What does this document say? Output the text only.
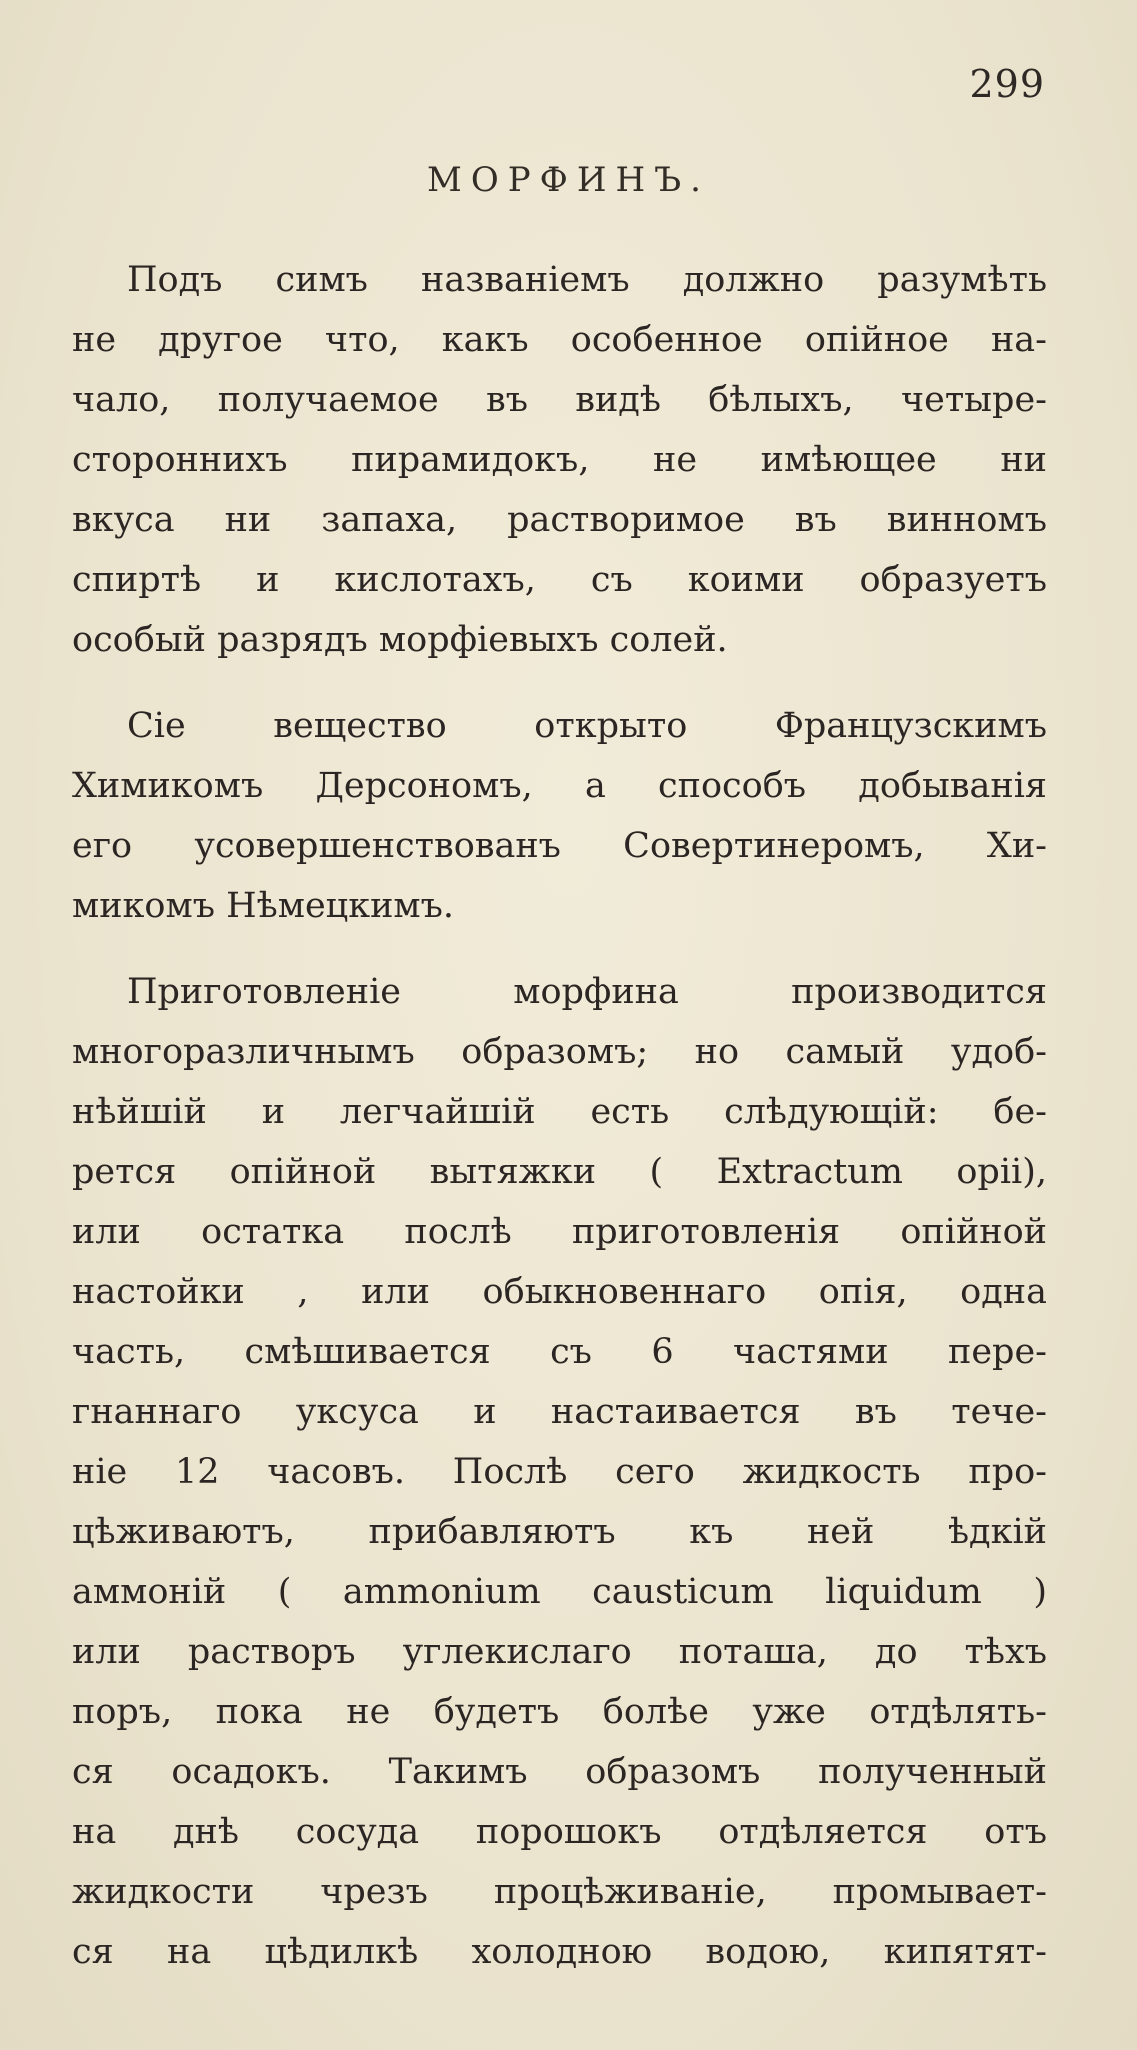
299
МОРФИНЪ.
Подъ симъ названіемъ должно разумѣть
не другое что, какъ особенное опійное на-
чало, получаемое въ видѣ бѣлыхъ, четыре-
стороннихъ пирамидокъ, не имѣющее ни
вкуса ни запаха, растворимое въ винномъ
спиртѣ и кислотахъ, съ коими образуетъ
особый разрядъ морфіевыхъ солей.
Сіе вещество открыто Французскимъ
Химикомъ Дерсономъ, а способъ добыванія
его усовершенствованъ Совертинеромъ, Хи-
микомъ Нѣмецкимъ.
Приготовленіе морфина производится
многоразличнымъ образомъ; но самый удоб-
нѣйшій и легчайшій есть слѣдующій: бе-
рется опійной вытяжки ( Extractum opii),
или остатка послѣ приготовленія опійной
настойки , или обыкновеннаго опія, одна
часть, смѣшивается съ 6 частями пере-
гнаннаго уксуса и настаивается въ тече-
ніе 12 часовъ. Послѣ сего жидкость про-
цѣживаютъ, прибавляютъ къ ней ѣдкій
аммоній ( ammonium causticum liquidum )
или растворъ углекислаго поташа, до тѣхъ
поръ, пока не будетъ болѣе уже отдѣлять-
ся осадокъ. Такимъ образомъ полученный
на днѣ сосуда порошокъ отдѣляется отъ
жидкости чрезъ процѣживаніе, промывает-
ся на цѣдилкѣ холодною водою, кипятят-
